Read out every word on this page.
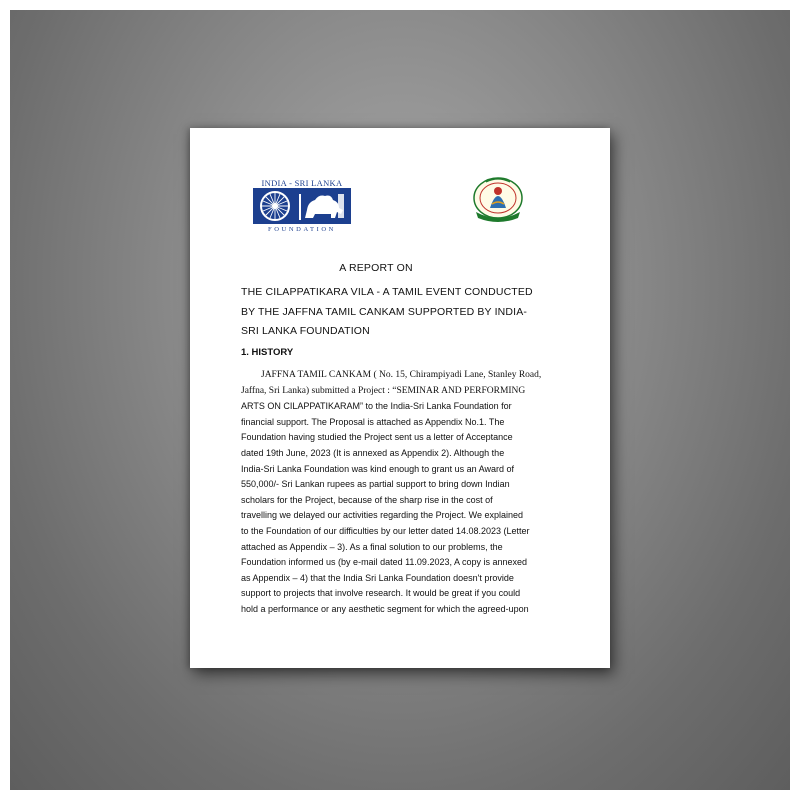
INDIA - SRI LANKA
FOUNDATION
A REPORT ON
THE CILAPPATIKARA VILA - A TAMIL EVENT CONDUCTED
BY THE JAFFNA TAMIL CANKAM SUPPORTED BY INDIA-
SRI LANKA FOUNDATION
1. HISTORY
JAFFNA TAMIL CANKAM ( No. 15, Chirampiyadi Lane, Stanley Road,
Jaffna, Sri Lanka) submitted a Project : “SEMINAR AND PERFORMING
ARTS ON CILAPPATIKARAM” to the India-Sri Lanka Foundation for
financial support. The Proposal is attached as Appendix No.1. The
Foundation having studied the Project sent us a letter of Acceptance
dated 19th June, 2023 (It is annexed as Appendix 2). Although the
India-Sri Lanka Foundation was kind enough to grant us an Award of
550,000/- Sri Lankan rupees as partial support to bring down Indian
scholars for the Project, because of the sharp rise in the cost of
travelling we delayed our activities regarding the Project. We explained
to the Foundation of our difficulties by our letter dated 14.08.2023 (Letter
attached as Appendix – 3). As a final solution to our problems, the
Foundation informed us (by e-mail dated 11.09.2023, A copy is annexed
as Appendix – 4) that the India Sri Lanka Foundation doesn't provide
support to projects that involve research. It would be great if you could
hold a performance or any aesthetic segment for which the agreed-upon
